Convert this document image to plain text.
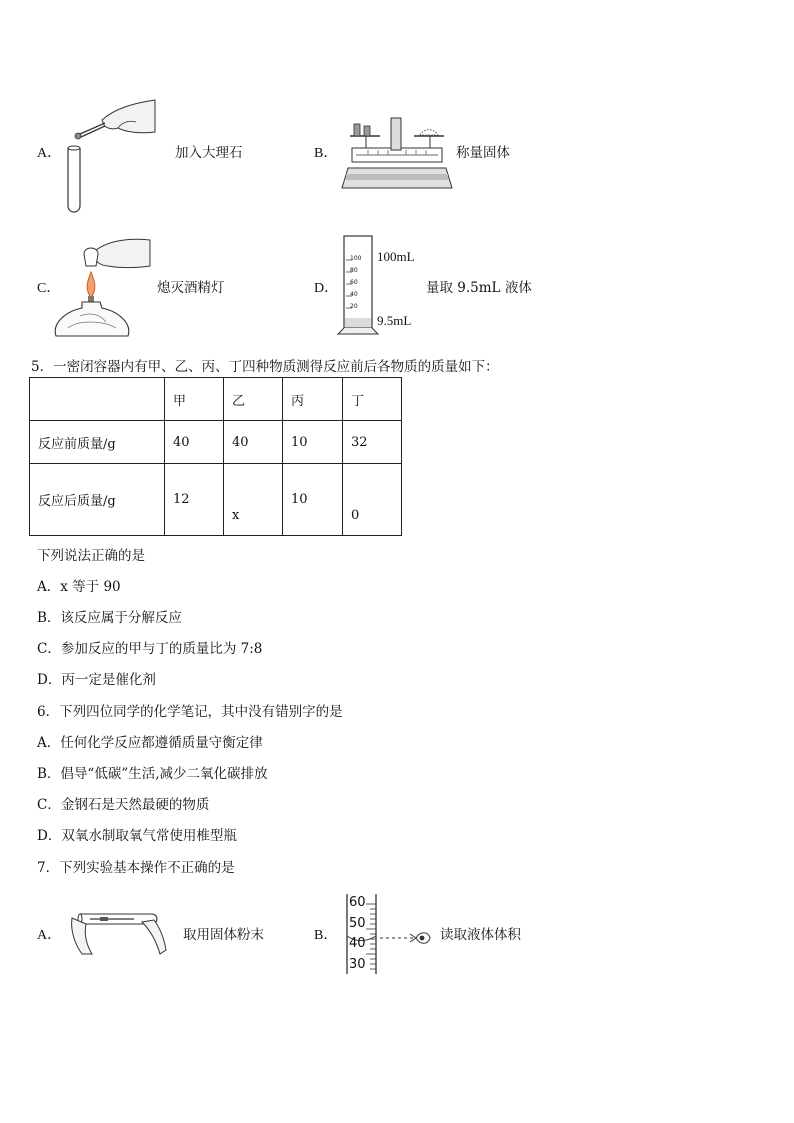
A．	加入大理石	B．	称量固体
C．	熄灭酒精灯	D．
100
80
60
40
20
100mL
9.5mL
量取 9.5mL 液体
5．一密闭容器内有甲、乙、丙、丁四种物质测得反应前后各物质的质量如下：
	甲	乙	丙	丁
反应前质量/g	40	40	10	32
反应后质量/g	12	x	10	0
下列说法正确的是
A．x 等于 90
B．该反应属于分解反应
C．参加反应的甲与丁的质量比为 7:8
D．丙一定是催化剂
6．下列四位同学的化学笔记，其中没有错别字的是
A．任何化学反应都遵循质量守衡定律
B．倡导“低碳”生活,减少二氧化碳排放
C．金钢石是天然最硬的物质
D．双氧水制取氧气常使用椎型瓶
7．下列实验基本操作不正确的是
A．	取用固体粉末	B．
60
50
40
30
读取液体体积
